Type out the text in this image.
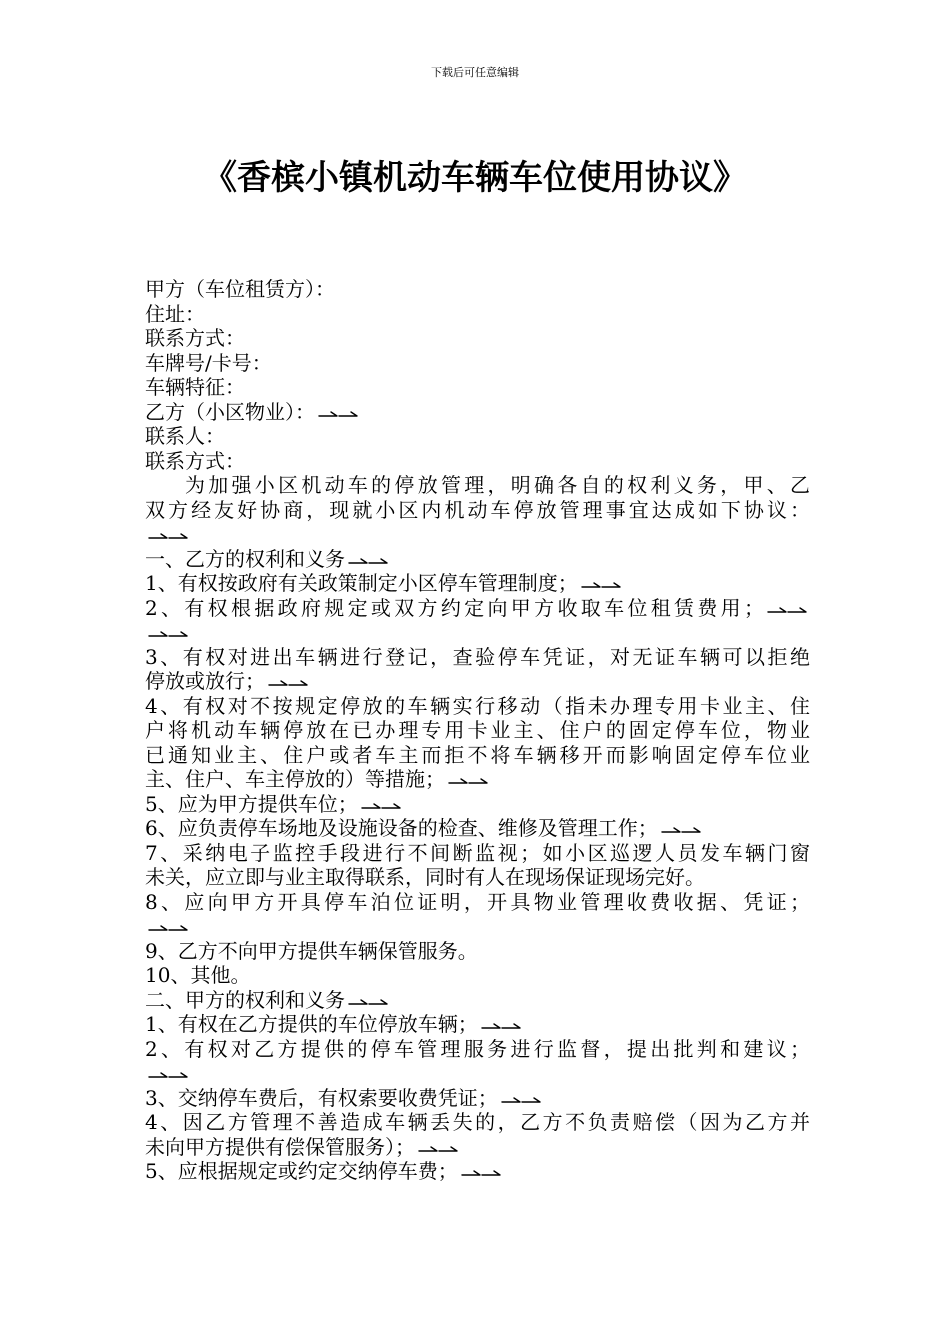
下载后可任意编辑
《香槟小镇机动车辆车位使用协议》
甲方（车位租赁方）：
住址：
联系方式：
车牌号/卡号：
车辆特征：
乙方（小区物业）：
联系人：
联系方式：
为加强小区机动车的停放管理，明确各自的权利义务，甲、乙
双方经友好协商，现就小区内机动车停放管理事宜达成如下协议：
一、乙方的权利和义务
1、有权按政府有关政策制定小区停车管理制度；
2、有权根据政府规定或双方约定向甲方收取车位租赁费用；
3、有权对进出车辆进行登记，查验停车凭证，对无证车辆可以拒绝
停放或放行；
4、有权对不按规定停放的车辆实行移动（指未办理专用卡业主、住
户将机动车辆停放在已办理专用卡业主、住户的固定停车位，物业
已通知业主、住户或者车主而拒不将车辆移开而影响固定停车位业
主、住户、车主停放的）等措施；
5、应为甲方提供车位；
6、应负责停车场地及设施设备的检查、维修及管理工作；
7、采纳电子监控手段进行不间断监视；如小区巡逻人员发车辆门窗
未关，应立即与业主取得联系，同时有人在现场保证现场完好。
8、应向甲方开具停车泊位证明，开具物业管理收费收据、凭证；
9、乙方不向甲方提供车辆保管服务。
10、其他。
二、甲方的权利和义务
1、有权在乙方提供的车位停放车辆；
2、有权对乙方提供的停车管理服务进行监督，提出批判和建议；
3、交纳停车费后，有权索要收费凭证；
4、因乙方管理不善造成车辆丢失的，乙方不负责赔偿（因为乙方并
未向甲方提供有偿保管服务）；
5、应根据规定或约定交纳停车费；
